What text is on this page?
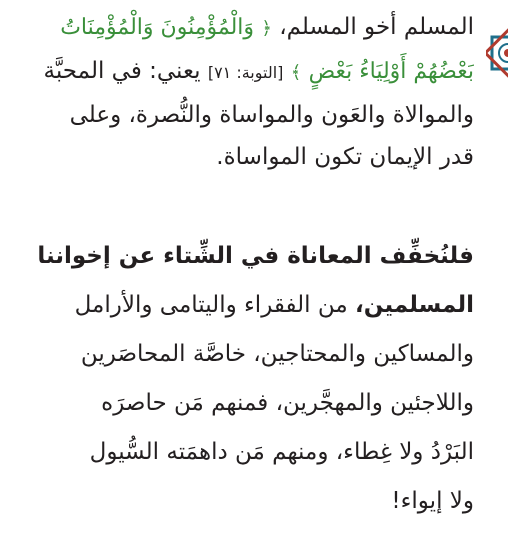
المسلم أخو المسلم، ﴿ وَالْمُؤْمِنُونَ وَالْمُؤْمِنَاتُ
بَعْضُهُمْ أَوْلِيَاءُ بَعْضٍ ﴾ [التوبة: ٧١] يعني: في المحبَّة
والموالاة والعَون والمواساة والنُّصرة، وعلى
قدر الإيمان تكون المواساة.
فلنُخفِّف المعاناة في الشِّتاء عن إخواننا
المسلمين، من الفقراء واليتامى والأرامل
والمساكين والمحتاجين، خاصَّة المحاصَرين
واللاجئين والمهجَّرين، فمنهم مَن حاصرَه
البَرْدُ ولا غِطاء، ومنهم مَن داهمَته السُّيول
ولا إيواء!
